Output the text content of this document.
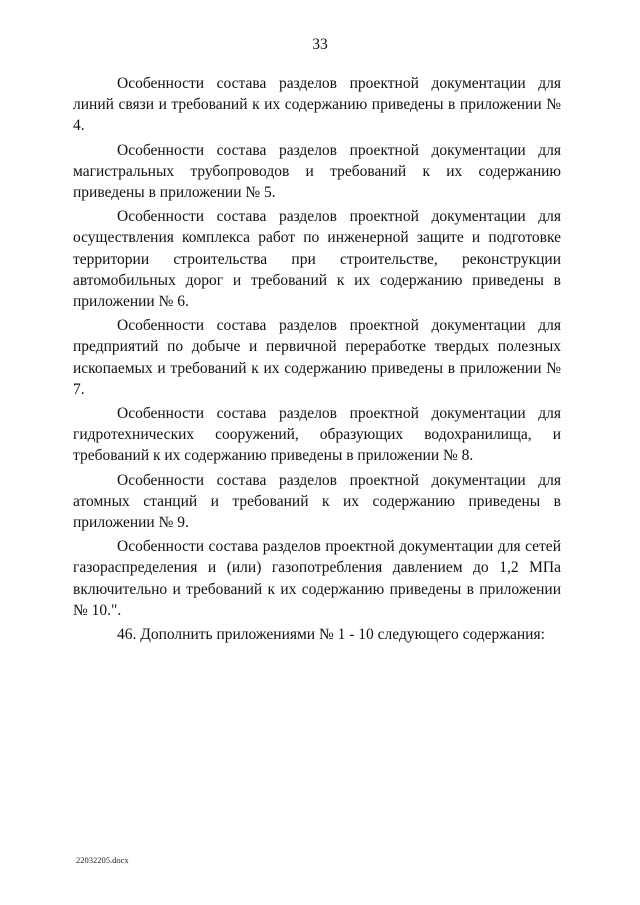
33

Особенности состава разделов проектной документации для линий связи и требований к их содержанию приведены в приложении № 4.

Особенности состава разделов проектной документации для магистральных трубопроводов и требований к их содержанию приведены в приложении № 5.

Особенности состава разделов проектной документации для осуществления комплекса работ по инженерной защите и подготовке территории строительства при строительстве, реконструкции автомобильных дорог и требований к их содержанию приведены в приложении № 6.

Особенности состава разделов проектной документации для предприятий по добыче и первичной переработке твердых полезных ископаемых и требований к их содержанию приведены в приложении № 7.

Особенности состава разделов проектной документации для гидротехнических сооружений, образующих водохранилища, и требований к их содержанию приведены в приложении № 8.

Особенности состава разделов проектной документации для атомных станций и требований к их содержанию приведены в приложении № 9.

Особенности состава разделов проектной документации для сетей газораспределения и (или) газопотребления давлением до 1,2 МПа включительно и требований к их содержанию приведены в приложении № 10.".

46. Дополнить приложениями № 1 - 10 следующего содержания:

22032205.docx
